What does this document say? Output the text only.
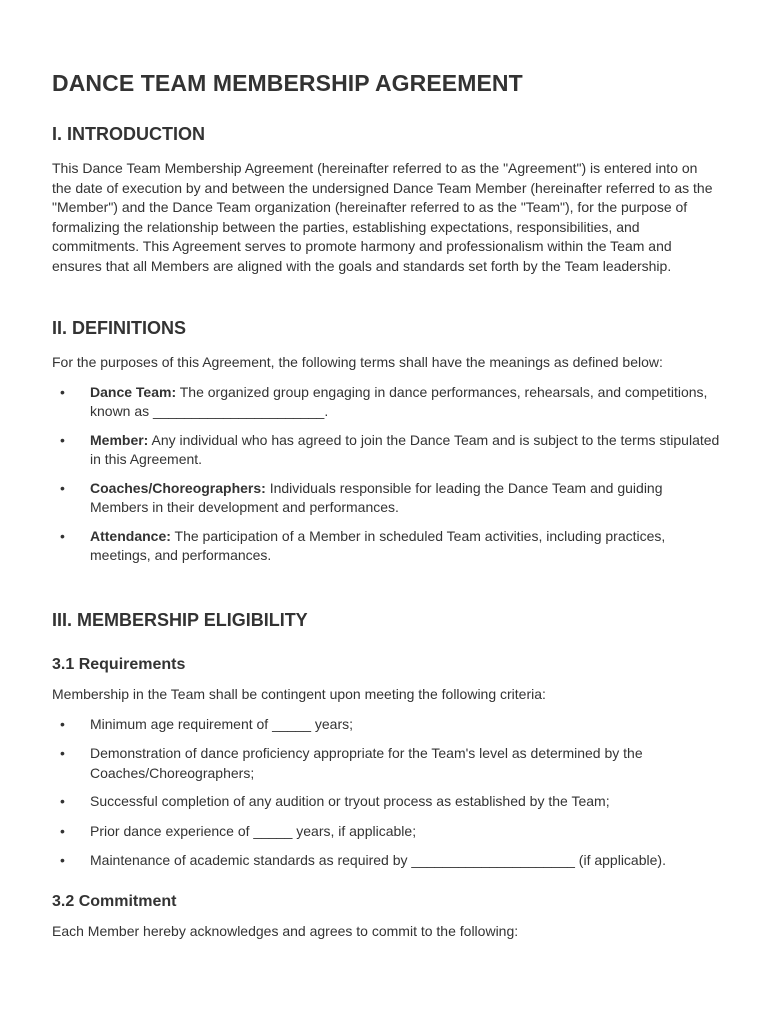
DANCE TEAM MEMBERSHIP AGREEMENT
I. INTRODUCTION

This Dance Team Membership Agreement (hereinafter referred to as the "Agreement") is entered into on the date of execution by and between the undersigned Dance Team Member (hereinafter referred to as the "Member") and the Dance Team organization (hereinafter referred to as the "Team"), for the purpose of formalizing the relationship between the parties, establishing expectations, responsibilities, and commitments. This Agreement serves to promote harmony and professionalism within the Team and ensures that all Members are aligned with the goals and standards set forth by the Team leadership.

II. DEFINITIONS

For the purposes of this Agreement, the following terms shall have the meanings as defined below:

• Dance Team: The organized group engaging in dance performances, rehearsals, and competitions, known as ______________________.
• Member: Any individual who has agreed to join the Dance Team and is subject to the terms stipulated in this Agreement.
• Coaches/Choreographers: Individuals responsible for leading the Dance Team and guiding Members in their development and performances.
• Attendance: The participation of a Member in scheduled Team activities, including practices, meetings, and performances.
III. MEMBERSHIP ELIGIBILITY
3.1 Requirements

Membership in the Team shall be contingent upon meeting the following criteria:

• Minimum age requirement of _____ years;
• Demonstration of dance proficiency appropriate for the Team's level as determined by the Coaches/Choreographers;
• Successful completion of any audition or tryout process as established by the Team;
• Prior dance experience of _____ years, if applicable;
• Maintenance of academic standards as required by _____________________ (if applicable).
3.2 Commitment

Each Member hereby acknowledges and agrees to commit to the following:
